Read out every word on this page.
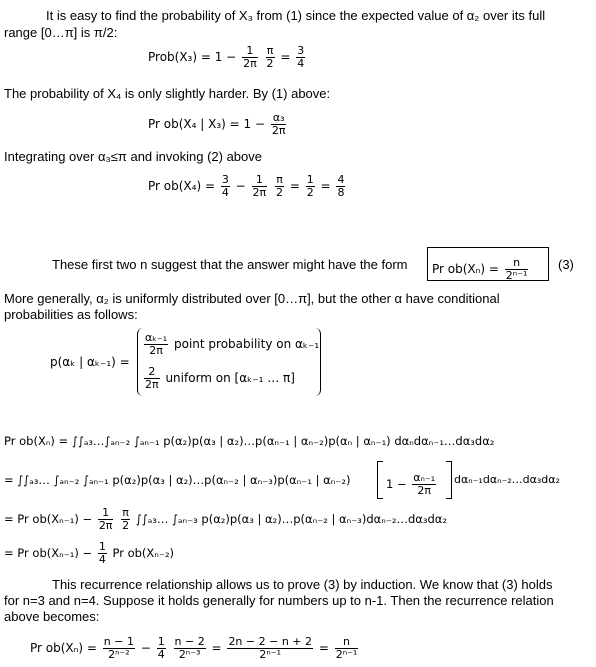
It is easy to find the probability of X₃ from (1) since the expected value of α₂ over its full
range [0…π] is π/2:
Prob(X₃) = $1 - \frac{1}{2\pi}$
$\frac{\pi}{2} = \frac{3}{4}$
The probability of X₄ is only slightly harder. By (1) above:
Pr ob(X₄ | $X_3) = 1 - \frac{\text{α₃}}{2\pi}$
Integrating over α₃≤π and invoking (2) above
Pr $ob(X_4) = \frac{3}{4} - \frac{1}{2\pi}$
$\frac{\pi}{2} = \frac{1}{2} = \frac{4}{8}$
These first two n suggest that the answer might have the form Pr $ob(X_n) = \frac{n}{\text{2ⁿ⁻¹}} (3)$
More generally, α₂ is uniformly distributed over [0…π], but the other α have conditional
probabilities as follows:
p(αₖ | αₖ₋₁) =
$\frac{\text{αₖ₋₁}}{2\pi}$ point probability on αₖ₋₁
$\frac{2}{2\pi}$ uniform on [αₖ₋₁ … π]
Pr ob(Xₙ) = ∫∫ₐ₃…∫ₐₙ₋₂ ∫ₐₙ₋₁ p(α₂)p(α₃ | α₂)…p(αₙ₋₁ | αₙ₋₂)p(αₙ | αₙ₋₁) dαₙdαₙ₋₁…dα₃dα₂
= ∫∫ₐ₃… ∫ₐₙ₋₂ ∫ₐₙ₋₁ p(α₂)p(α₃ | α₂)…p(αₙ₋₂ | αₙ₋₃)p(αₙ₋₁ | αₙ₋₂)	$1 - \frac{\text{αₙ₋₁}}{2\pi}$ dαₙ₋₁dαₙ₋₂…dα₃dα₂
= Pr $ob(X_{n-1}) - \frac{1}{2\pi}$
$\frac{\pi}{2}$ ∫∫ₐ₃… ∫ₐₙ₋₃ p(α₂)p(α₃ | α₂)…p(αₙ₋₂ | αₙ₋₃)dαₙ₋₂…dα₃dα₂
= Pr $ob(X_{n-1}) - \frac{1}{4}$ Pr ob(Xₙ₋₂)
This recurrence relationship allows us to prove (3) by induction. We know that (3) holds
for n=3 and n=4. Suppose it holds generally for numbers up to n-1. Then the recurrence relation
above becomes:
Pr $ob(X_n) = \frac{n - 1}{\text{2ⁿ⁻²}} - \frac{1}{4}$
$\frac{n - 2}{\text{2ⁿ⁻³}} = \frac{2n - 2 - n + 2}{\text{2ⁿ⁻¹}} = \frac{n}{\text{2ⁿ⁻¹}}$
